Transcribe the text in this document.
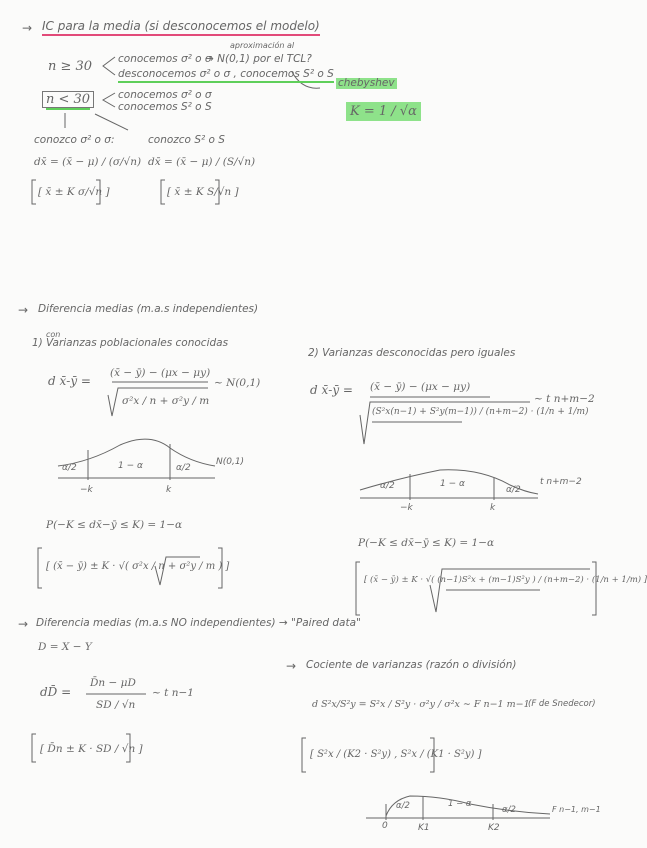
→ IC para la media (si desconocemos el modelo)
n ≥ 30 conocemos σ² o σ
aproximación al
→ N(0,1) por el TCL?
desconocemos σ² o σ , conocemos S² o S
n < 30	conocemos σ² o σ
conocemos S² o S
chebyshev
K = 1 / √α
conozco σ² o σ:
dx̄ = (x̄ − μ) / (σ/√n)
[ x̄ ± K σ/√n ]
conozco S² o S
dx̄ = (x̄ − μ) / (S/√n)
[ x̄ ± K S/√n ]
→ Diferencia medias (m.a.s independientes)
1)
con
Varianzas poblacionales conocidas
d x̄-ȳ =
(x̄ − ȳ) − (μx − μy)
σ²x / n + σ²y / m
∼ N(0,1)
α/2	1 − α	α/2
N(0,1)
−k	k
P(−K ≤ dx̄−ȳ ≤ K) = 1−α
[ (x̄ − ȳ) ± K · √( σ²x / n + σ²y / m ) ]
2) Varianzas desconocidas pero iguales
d x̄-ȳ = (x̄ − ȳ) − (μx − μy)
(S²x(n−1) + S²y(m−1)) / (n+m−2) · (1/n + 1/m)
∼ t n+m−2
α/2	1 − α
α/2
t n+m−2
−k	k
P(−K ≤ dx̄−ȳ ≤ K) = 1−α
[ (x̄ − ȳ) ± K · √( (n−1)S²x + (m−1)S²y ) / (n+m−2) · (1/n + 1/m) ]
→ Diferencia medias (m.a.s NO independientes) → "Paired data"
D = X − Y
dD̄ =
D̄n − μD
SD / √n
∼ t n−1
[ D̄n ± K · SD / √n ]
→ Cociente de varianzas (razón o división)
d S²x/S²y = S²x / S²y · σ²y / σ²x ∼ F n−1 m−1
(F de Snedecor)
[ S²x / (K2 · S²y) , S²x / (K1 · S²y) ]
α/2	1 − α
α/2	F n−1, m−1
0	K1	K2
